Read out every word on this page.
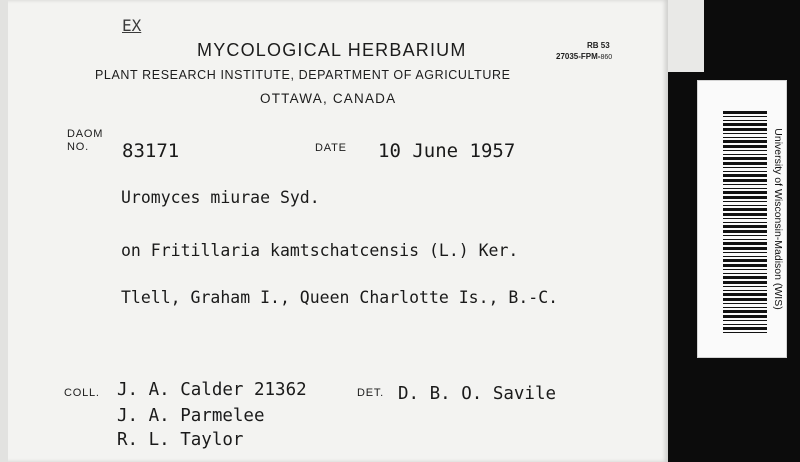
EX
MYCOLOGICAL HERBARIUM	RB 53
27035-FPM-860
PLANT RESEARCH INSTITUTE, DEPARTMENT OF AGRICULTURE
OTTAWA, CANADA
DAOM
NO.	83171	DATE 10 June 1957
Uromyces miurae Syd.
on Fritillaria kamtschatcensis (L.) Ker.
Tlell, Graham I., Queen Charlotte Is., B.-C.
COLL. J. A. Calder 21362
J. A. Parmelee
R. L. Taylor
DET. D. B. O. Savile
University of Wisconsin-Madison (WIS)
